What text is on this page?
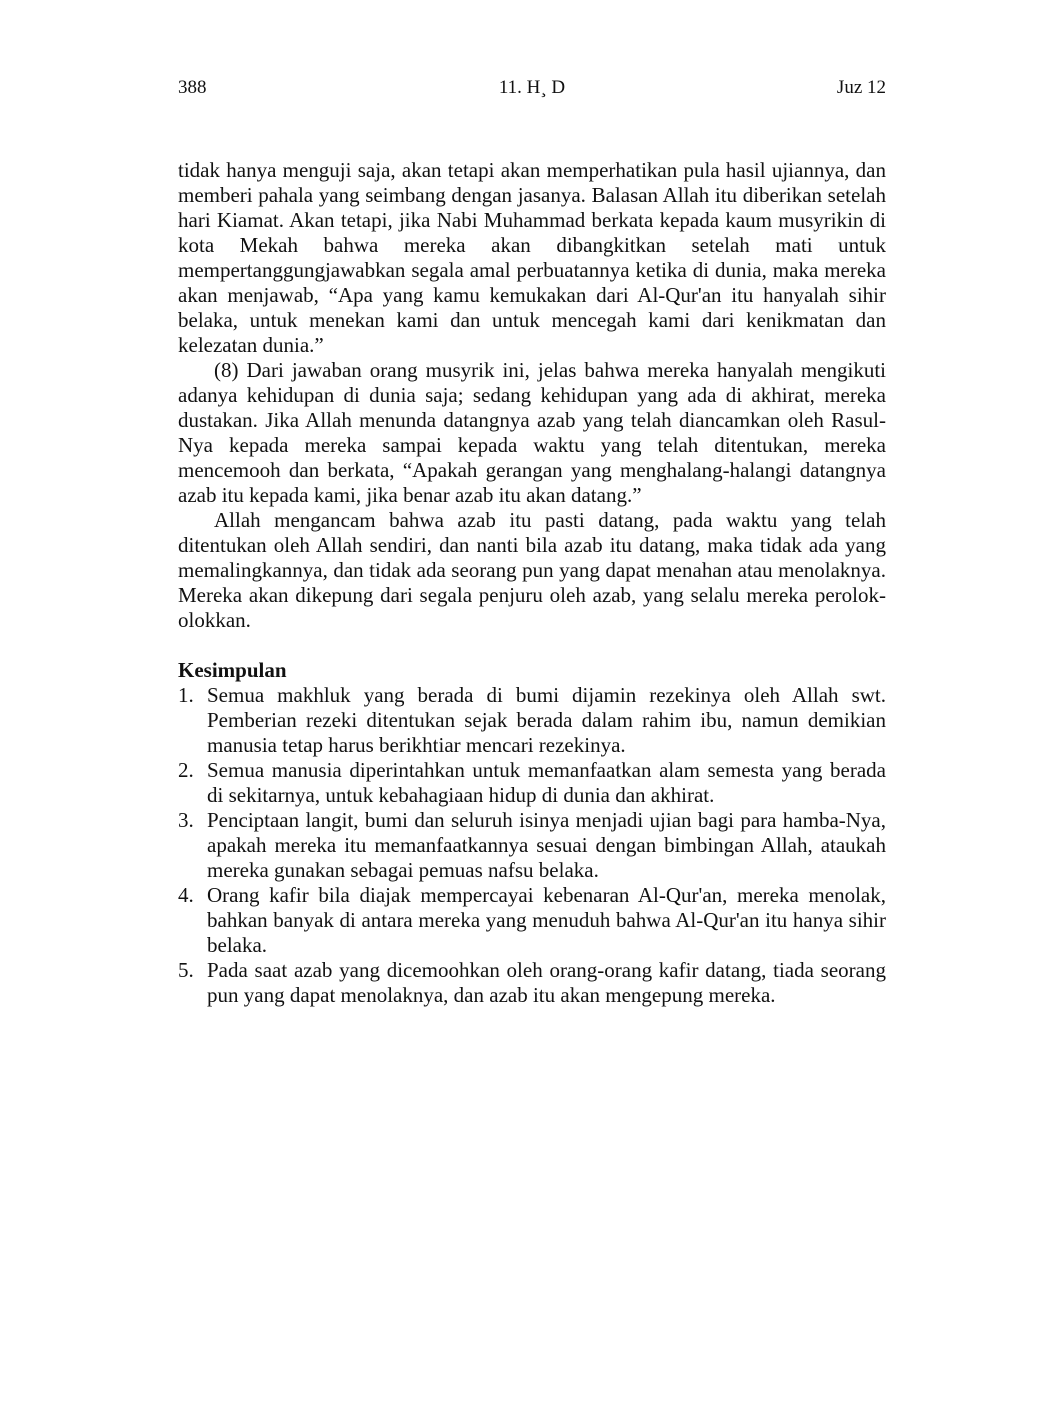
388	11. H¸ D	Juz 12

tidak hanya menguji saja, akan tetapi akan memperhatikan pula hasil ujiannya, dan memberi pahala yang seimbang dengan jasanya. Balasan Allah itu diberikan setelah hari Kiamat. Akan tetapi, jika Nabi Muhammad berkata kepada kaum musyrikin di kota Mekah bahwa mereka akan dibangkitkan setelah mati untuk mempertanggungjawabkan segala amal perbuatannya ketika di dunia, maka mereka akan menjawab, “Apa yang kamu kemukakan dari Al-Qur'an itu hanyalah sihir belaka, untuk menekan kami dan untuk mencegah kami dari kenikmatan dan kelezatan dunia.”

(8) Dari jawaban orang musyrik ini, jelas bahwa mereka hanyalah mengikuti adanya kehidupan di dunia saja; sedang kehidupan yang ada di akhirat, mereka dustakan. Jika Allah menunda datangnya azab yang telah diancamkan oleh Rasul-Nya kepada mereka sampai kepada waktu yang telah ditentukan, mereka mencemooh dan berkata, “Apakah gerangan yang menghalang-halangi datangnya azab itu kepada kami, jika benar azab itu akan datang.”

Allah mengancam bahwa azab itu pasti datang, pada waktu yang telah ditentukan oleh Allah sendiri, dan nanti bila azab itu datang, maka tidak ada yang memalingkannya, dan tidak ada seorang pun yang dapat menahan atau menolaknya. Mereka akan dikepung dari segala penjuru oleh azab, yang selalu mereka perolok-olokkan.

Kesimpulan

1. Semua makhluk yang berada di bumi dijamin rezekinya oleh Allah swt. Pemberian rezeki ditentukan sejak berada dalam rahim ibu, namun demikian manusia tetap harus berikhtiar mencari rezekinya.
2. Semua manusia diperintahkan untuk memanfaatkan alam semesta yang berada di sekitarnya, untuk kebahagiaan hidup di dunia dan akhirat.
3. Penciptaan langit, bumi dan seluruh isinya menjadi ujian bagi para hamba-Nya, apakah mereka itu memanfaatkannya sesuai dengan bimbingan Allah, ataukah mereka gunakan sebagai pemuas nafsu belaka.
4. Orang kafir bila diajak mempercayai kebenaran Al-Qur'an, mereka menolak, bahkan banyak di antara mereka yang menuduh bahwa Al-Qur'an itu hanya sihir belaka.
5. Pada saat azab yang dicemoohkan oleh orang-orang kafir datang, tiada seorang pun yang dapat menolaknya, dan azab itu akan mengepung mereka.
